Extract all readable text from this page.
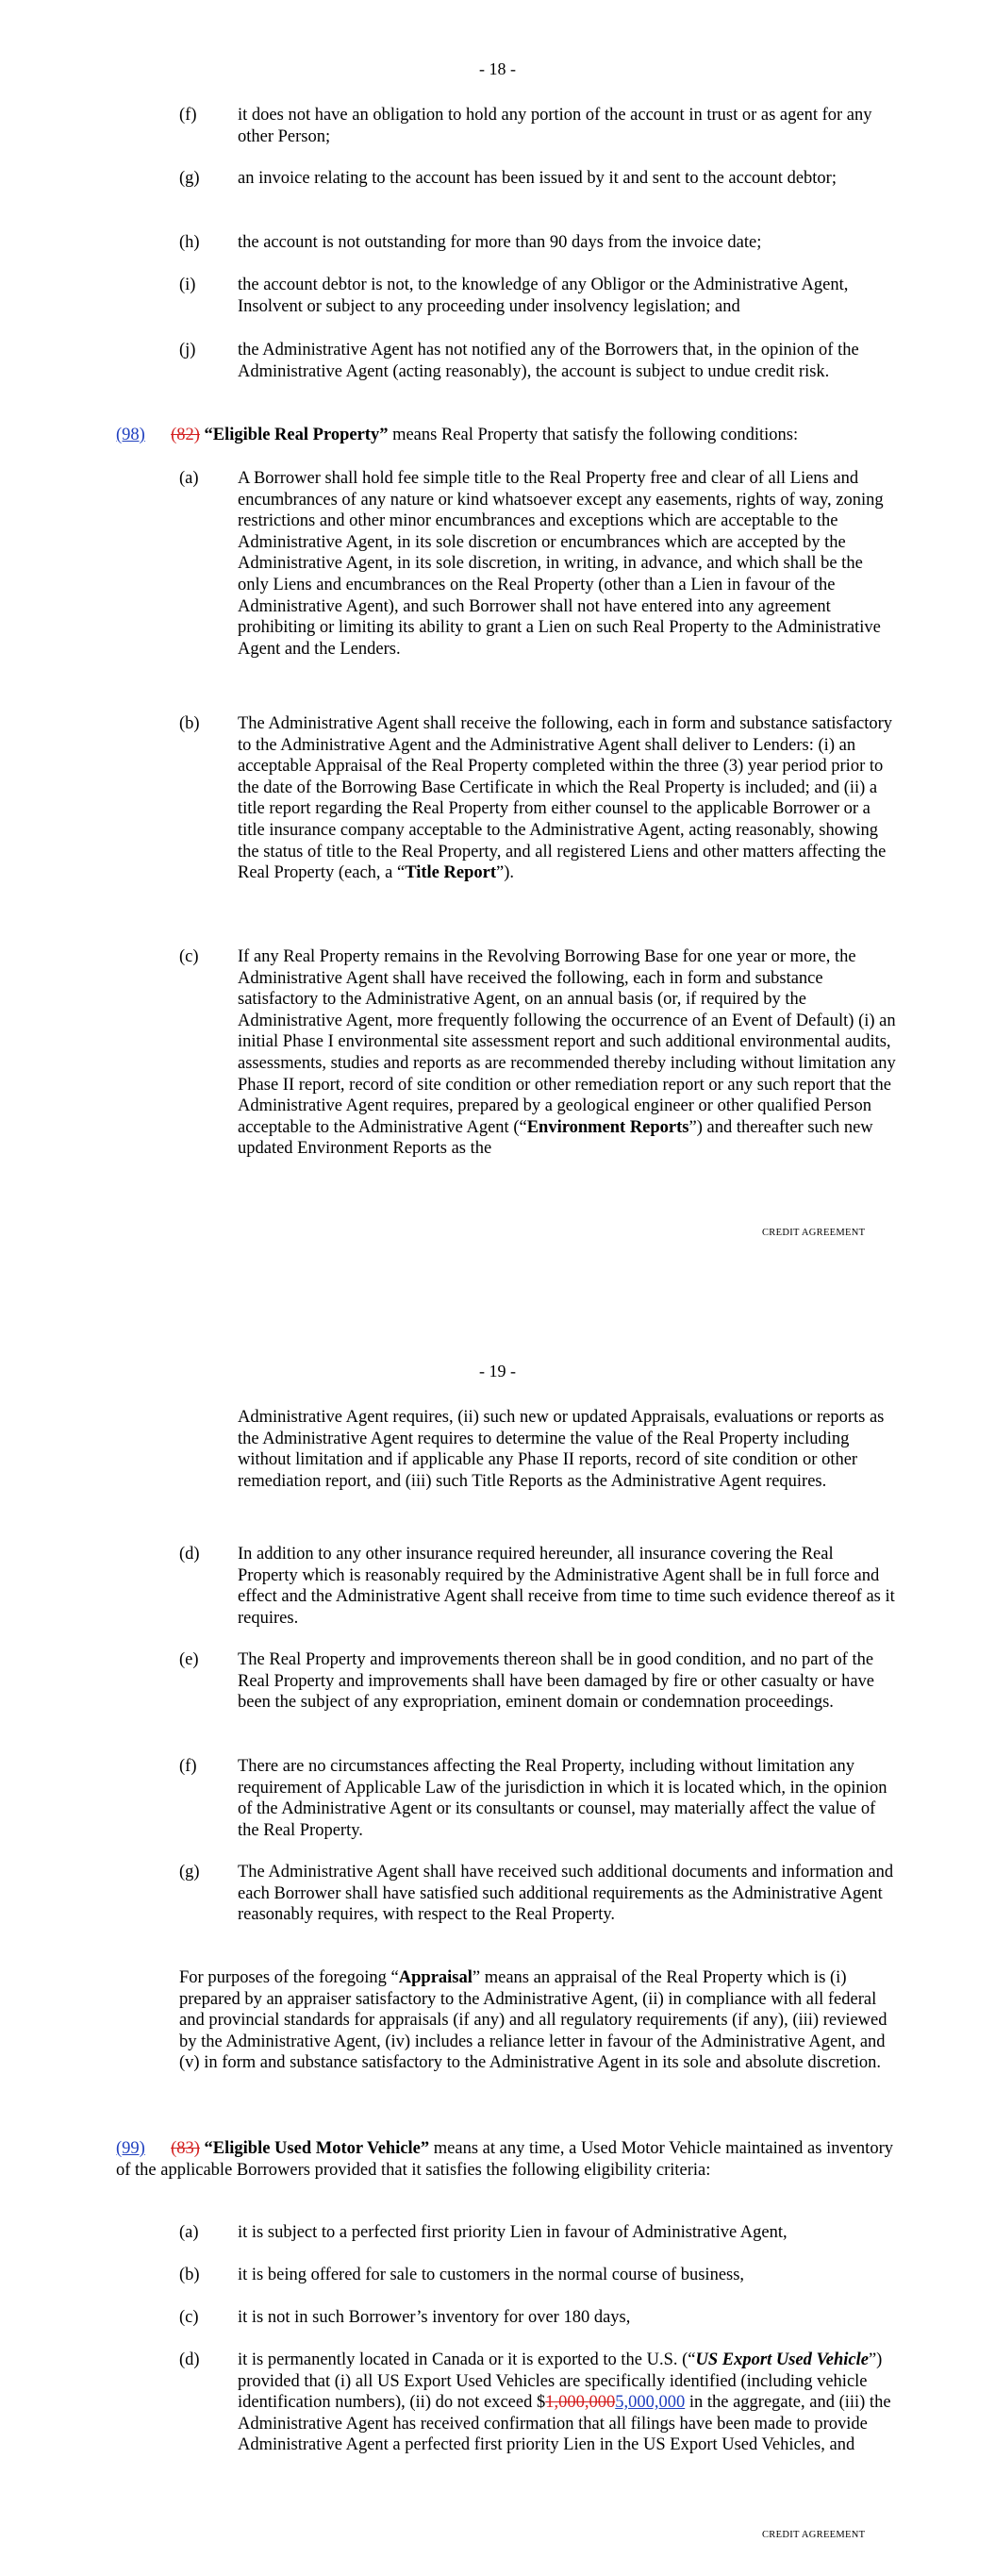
- 18 -
(f) it does not have an obligation to hold any portion of the account in trust or as agent for any other Person;
(g) an invoice relating to the account has been issued by it and sent to the account debtor;
(h) the account is not outstanding for more than 90 days from the invoice date;
(i) the account debtor is not, to the knowledge of any Obligor or the Administrative Agent, Insolvent or subject to any proceeding under insolvency legislation; and
(j) the Administrative Agent has not notified any of the Borrowers that, in the opinion of the Administrative Agent (acting reasonably), the account is subject to undue credit risk.
(98) (82) “Eligible Real Property” means Real Property that satisfy the following conditions:
(a) A Borrower shall hold fee simple title to the Real Property free and clear of all Liens and encumbrances of any nature or kind whatsoever except any easements, rights of way, zoning restrictions and other minor encumbrances and exceptions which are acceptable to the Administrative Agent, in its sole discretion or encumbrances which are accepted by the Administrative Agent, in its sole discretion, in writing, in advance, and which shall be the only Liens and encumbrances on the Real Property (other than a Lien in favour of the Administrative Agent), and such Borrower shall not have entered into any agreement prohibiting or limiting its ability to grant a Lien on such Real Property to the Administrative Agent and the Lenders.
(b) The Administrative Agent shall receive the following, each in form and substance satisfactory to the Administrative Agent and the Administrative Agent shall deliver to Lenders: (i) an acceptable Appraisal of the Real Property completed within the three (3) year period prior to the date of the Borrowing Base Certificate in which the Real Property is included; and (ii) a title report regarding the Real Property from either counsel to the applicable Borrower or a title insurance company acceptable to the Administrative Agent, acting reasonably, showing the status of title to the Real Property, and all registered Liens and other matters affecting the Real Property (each, a “Title Report”).
(c) If any Real Property remains in the Revolving Borrowing Base for one year or more, the Administrative Agent shall have received the following, each in form and substance satisfactory to the Administrative Agent, on an annual basis (or, if required by the Administrative Agent, more frequently following the occurrence of an Event of Default) (i) an initial Phase I environmental site assessment report and such additional environmental audits, assessments, studies and reports as are recommended thereby including without limitation any Phase II report, record of site condition or other remediation report or any such report that the Administrative Agent requires, prepared by a geological engineer or other qualified Person acceptable to the Administrative Agent (“Environment Reports”) and thereafter such new updated Environment Reports as the
CREDIT AGREEMENT
- 19 -
Administrative Agent requires, (ii) such new or updated Appraisals, evaluations or reports as the Administrative Agent requires to determine the value of the Real Property including without limitation and if applicable any Phase II reports, record of site condition or other remediation report, and (iii) such Title Reports as the Administrative Agent requires.
(d) In addition to any other insurance required hereunder, all insurance covering the Real Property which is reasonably required by the Administrative Agent shall be in full force and effect and the Administrative Agent shall receive from time to time such evidence thereof as it requires.
(e) The Real Property and improvements thereon shall be in good condition, and no part of the Real Property and improvements shall have been damaged by fire or other casualty or have been the subject of any expropriation, eminent domain or condemnation proceedings.
(f) There are no circumstances affecting the Real Property, including without limitation any requirement of Applicable Law of the jurisdiction in which it is located which, in the opinion of the Administrative Agent or its consultants or counsel, may materially affect the value of the Real Property.
(g) The Administrative Agent shall have received such additional documents and information and each Borrower shall have satisfied such additional requirements as the Administrative Agent reasonably requires, with respect to the Real Property.
For purposes of the foregoing “Appraisal” means an appraisal of the Real Property which is (i) prepared by an appraiser satisfactory to the Administrative Agent, (ii) in compliance with all federal and provincial standards for appraisals (if any) and all regulatory requirements (if any), (iii) reviewed by the Administrative Agent, (iv) includes a reliance letter in favour of the Administrative Agent, and (v) in form and substance satisfactory to the Administrative Agent in its sole and absolute discretion.
(99) (83) “Eligible Used Motor Vehicle” means at any time, a Used Motor Vehicle maintained as inventory of the applicable Borrowers provided that it satisfies the following eligibility criteria:
(a) it is subject to a perfected first priority Lien in favour of Administrative Agent,
(b) it is being offered for sale to customers in the normal course of business,
(c) it is not in such Borrower’s inventory for over 180 days,
(d) it is permanently located in Canada or it is exported to the U.S. (“US Export Used Vehicle”) provided that (i) all US Export Used Vehicles are specifically identified (including vehicle identification numbers), (ii) do not exceed $1,000,0005,000,000 in the aggregate, and (iii) the Administrative Agent has received confirmation that all filings have been made to provide Administrative Agent a perfected first priority Lien in the US Export Used Vehicles, and
CREDIT AGREEMENT
